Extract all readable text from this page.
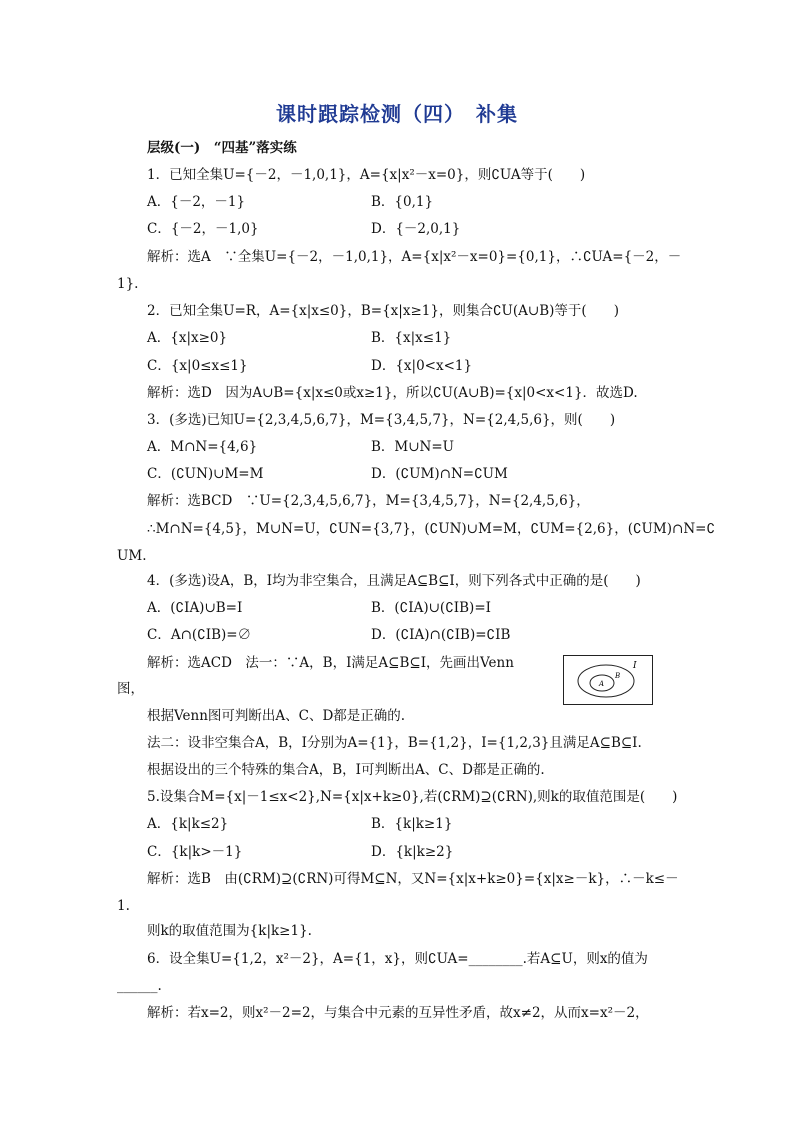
课时跟踪检测（四）　补集
层级(一)　“四基”落实练
1．已知全集U={－2，－1,0,1}，A={x|x²－x=0}，则∁UA等于(　　)
A．{－2，－1}	B．{0,1}
C．{－2，－1,0}	D．{－2,0,1}
解析：选A　∵全集U={－2，－1,0,1}，A={x|x²－x=0}={0,1}，∴∁UA={－2，－
1}.
2．已知全集U=R，A={x|x≤0}，B={x|x≥1}，则集合∁U(A∪B)等于(　　)
A．{x|x≥0}	B．{x|x≤1}
C．{x|0≤x≤1}	D．{x|0<x<1}
解析：选D　因为A∪B={x|x≤0或x≥1}，所以∁U(A∪B)={x|0<x<1}．故选D.
3．(多选)已知U={2,3,4,5,6,7}，M={3,4,5,7}，N={2,4,5,6}，则(　　)
A．M∩N={4,6}	B．M∪N=U
C．(∁UN)∪M=M	D．(∁UM)∩N=∁UM
解析：选BCD　∵U={2,3,4,5,6,7}，M={3,4,5,7}，N={2,4,5,6}，
∴M∩N={4,5}，M∪N=U，∁UN={3,7}，(∁UN)∪M=M，∁UM={2,6}，(∁UM)∩N=∁
UM.
4．(多选)设A，B，I均为非空集合，且满足A⊆B⊆I，则下列各式中正确的是(　　)
A．(∁IA)∪B=I	B．(∁IA)∪(∁IB)=I
C．A∩(∁IB)=∅	D．(∁IA)∩(∁IB)=∁IB
解析：选ACD　法一：∵A，B，I满足A⊆B⊆I，先画出Venn
图，
I
B
A
根据Venn图可判断出A、C、D都是正确的.
法二：设非空集合A，B，I分别为A={1}，B={1,2}，I={1,2,3}且满足A⊆B⊆I.
根据设出的三个特殊的集合A，B，I可判断出A、C、D都是正确的.
5.设集合M={x|－1≤x<2},N={x|x+k≥0},若(∁RM)⊇(∁RN),则k的取值范围是(　　)
A．{k|k≤2}	B．{k|k≥1}
C．{k|k>－1}	D．{k|k≥2}
解析：选B　由(∁RM)⊇(∁RN)可得M⊆N，又N={x|x+k≥0}={x|x≥－k}，∴－k≤－
1.
则k的取值范围为{k|k≥1}.
6．设全集U={1,2，x²－2}，A={1，x}，则∁UA=________.若A⊆U，则x的值为
______.
解析：若x=2，则x²－2=2，与集合中元素的互异性矛盾，故x≠2，从而x=x²－2，
